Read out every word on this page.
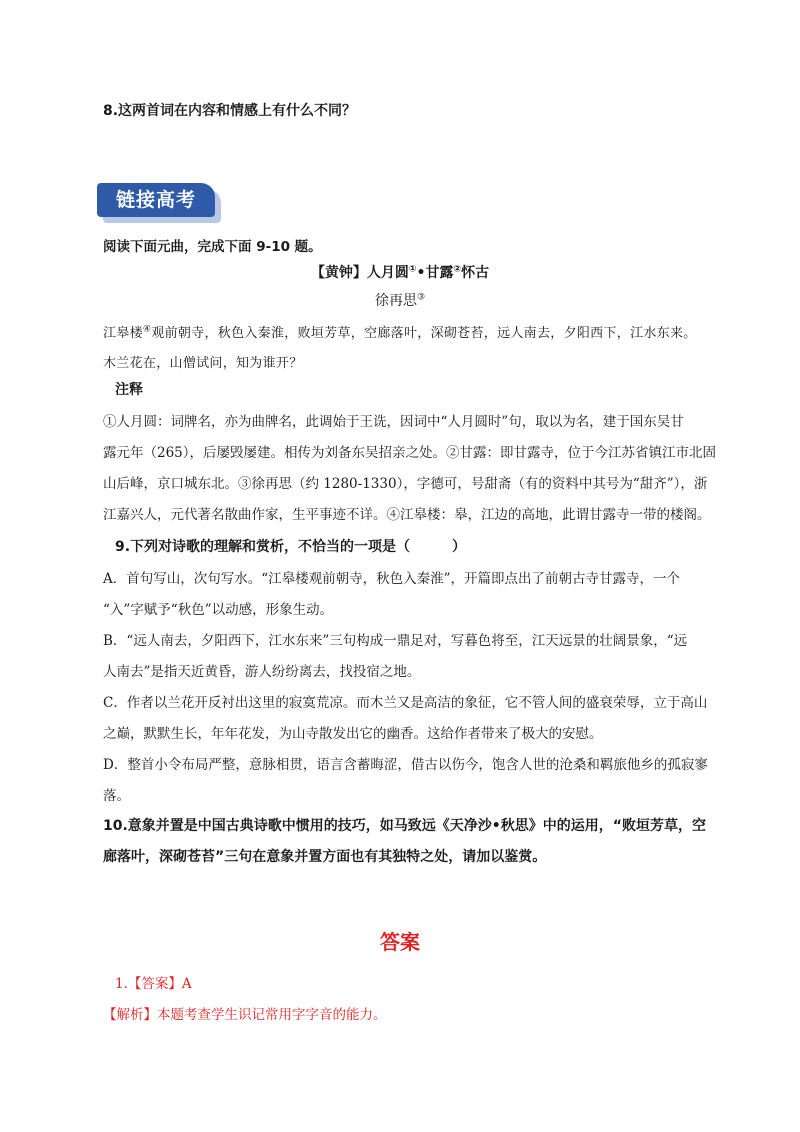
8.这两首词在内容和情感上有什么不同？
链接高考
阅读下面元曲，完成下面 9-10 题。
【黄钟】人月圆①•甘露②怀古
徐再思③
江皋楼④观前朝寺，秋色入秦淮，败垣芳草，空廊落叶，深砌苍苔，远人南去，夕阳西下，江水东来。
木兰花在，山僧试问，知为谁开？
注释
①人月圆：词牌名，亦为曲牌名，此调始于王诜，因词中“人月圆时”句，取以为名，建于国东吴甘
露元年（265），后屡毁屡建。相传为刘备东吴招亲之处。②甘露：即甘露寺，位于今江苏省镇江市北固
山后峰，京口城东北。③徐再思（约 1280-1330），字德可，号甜斋（有的资料中其号为“甜齐”），浙
江嘉兴人，元代著名散曲作家，生平事迹不详。④江皋楼：皋，江边的高地，此谓甘露寺一带的楼阁。
9.下列对诗歌的理解和赏析，不恰当的一项是（　　　）
A．首句写山，次句写水。“江皋楼观前朝寺，秋色入秦淮”，开篇即点出了前朝古寺甘露寺，一个
“入”字赋予“秋色”以动感，形象生动。
B．“远人南去，夕阳西下，江水东来”三句构成一鼎足对，写暮色将至，江天远景的壮阔景象，“远
人南去”是指天近黄昏，游人纷纷离去，找投宿之地。
C．作者以兰花开反衬出这里的寂寞荒凉。而木兰又是高洁的象征，它不管人间的盛衰荣辱，立于高山
之巅，默默生长，年年花发，为山寺散发出它的幽香。这给作者带来了极大的安慰。
D．整首小令布局严整，意脉相贯，语言含蓄晦涩，借古以伤今，饱含人世的沧桑和羁旅他乡的孤寂寥
落。
10.意象并置是中国古典诗歌中惯用的技巧，如马致远《天净沙•秋思》中的运用，“败垣芳草，空
廊落叶，深砌苍苔”三句在意象并置方面也有其独特之处，请加以鉴赏。
答案
1.【答案】A
【解析】本题考查学生识记常用字字音的能力。
